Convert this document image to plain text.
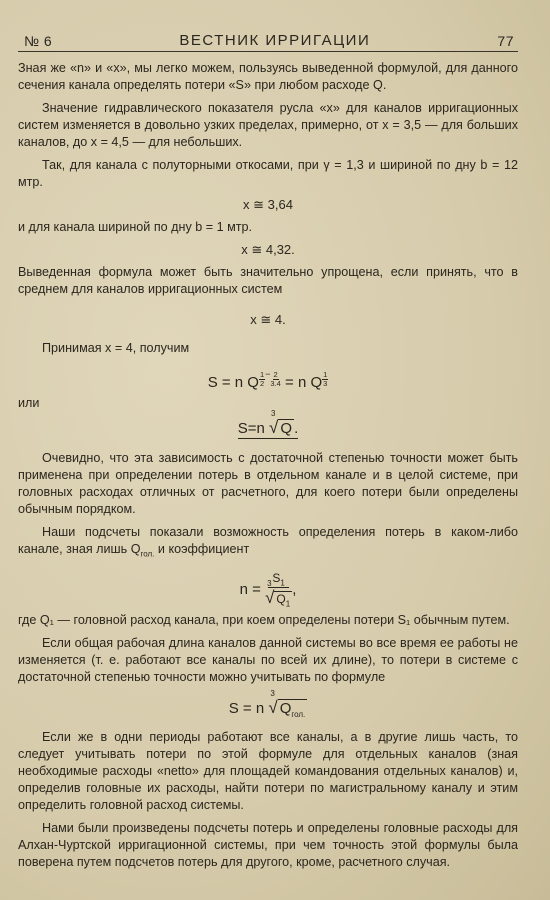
№ 6	ВЕСТНИК ИРРИГАЦИИ	77

Зная же «n» и «x», мы легко можем, пользуясь выведенной формулой, для данного сечения канала определять потери «S» при любом расходе Q.

Значение гидравлического показателя русла «x» для каналов ирригационных систем изменяется в довольно узких пределах, примерно, от x = 3,5 — для больших каналов, до x = 4,5 — для небольших.

Так, для канала с полуторными откосами, при γ = 1,3 и шириной по дну b = 12 мтр.

x ≅ 3,64

и для канала шириной по дну b = 1 мтр.

x ≅ 4,32.

Выведенная формула может быть значительно упрощена, если принять, что в среднем для каналов ирригационных систем

x ≅ 4.

Принимая x = 4, получим

S = n Q $\frac{1}{2} ^- \frac{2}{3.4} = n$ Q $\frac{1}{3}$
или
S=n
3
√ Q .

Очевидно, что эта зависимость с достаточной степенью точности может быть применена при определении потерь в отдельном канале и в целой системе, при головных расходах отличных от расчетного, для коего потери были определены обычным порядком.

Наши подсчеты показали возможность определения потерь в каком-либо канале, зная лишь $Q_{гол.}$ и коэффициент

$n = S_1$
3
√ $Q_1$ ,

где Q₁ — головной расход канала, при коем определены потери S₁ обычным путем.

Если общая рабочая длина каналов данной системы во все время ее работы не изменяется (т. е. работают все каналы по всей их длине), то потери в системе с достаточной степенью точности можно учитывать по формуле

S = n
3
√ $Q_{гол.}$

Если же в одни периоды работают все каналы, а в другие лишь часть, то следует учитывать потери по этой формуле для отдельных каналов (зная необходимые расходы «netto» для площадей командования отдельных каналов) и, определив головные их расходы, найти потери по магистральному каналу и этим определить головной расход системы.

Нами были произведены подсчеты потерь и определены головные расходы для Алхан-Чуртской ирригационной системы, при чем точность этой формулы была поверена путем подсчетов потерь для другого, кроме, расчетного случая.
